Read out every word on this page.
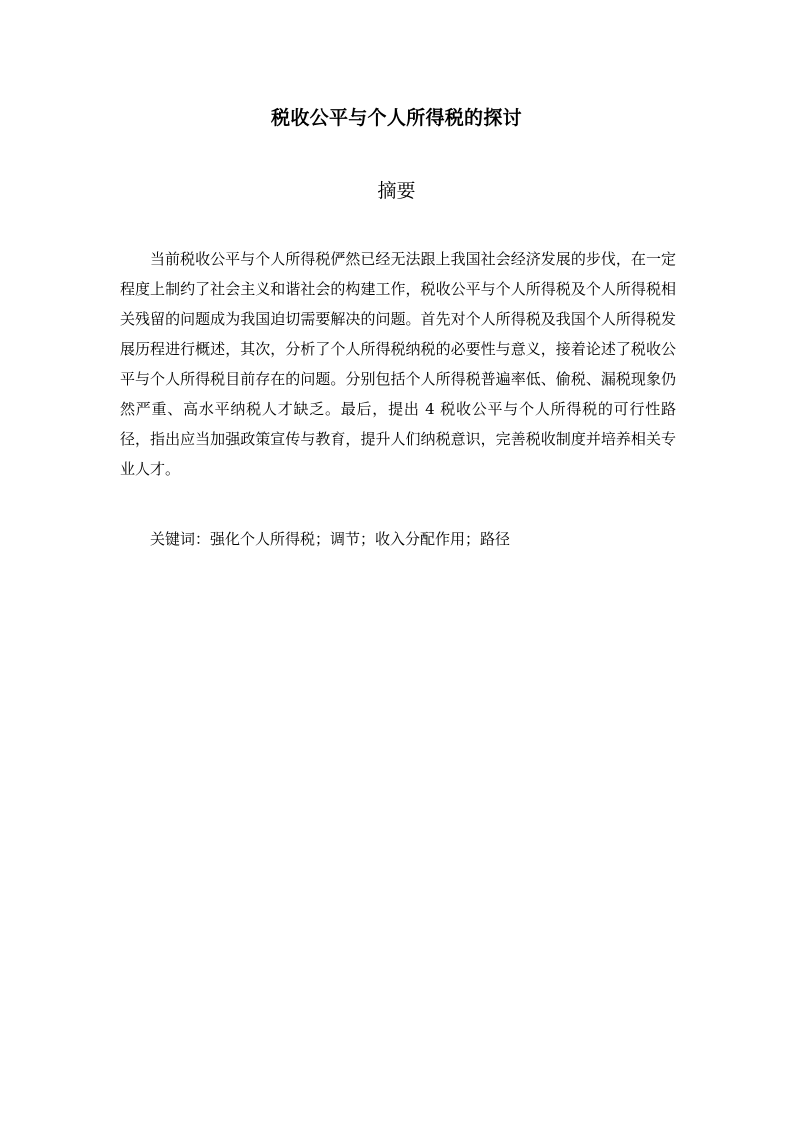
税收公平与个人所得税的探讨
摘要

当前税收公平与个人所得税俨然已经无法跟上我国社会经济发展的步伐，在一定程度上制约了社会主义和谐社会的构建工作，税收公平与个人所得税及个人所得税相关残留的问题成为我国迫切需要解决的问题。首先对个人所得税及我国个人所得税发展历程进行概述，其次，分析了个人所得税纳税的必要性与意义，接着论述了税收公平与个人所得税目前存在的问题。分别包括个人所得税普遍率低、偷税、漏税现象仍然严重、高水平纳税人才缺乏。最后，提出 4 税收公平与个人所得税的可行性路径，指出应当加强政策宣传与教育，提升人们纳税意识，完善税收制度并培养相关专业人才。

关键词：强化个人所得税；调节；收入分配作用；路径
